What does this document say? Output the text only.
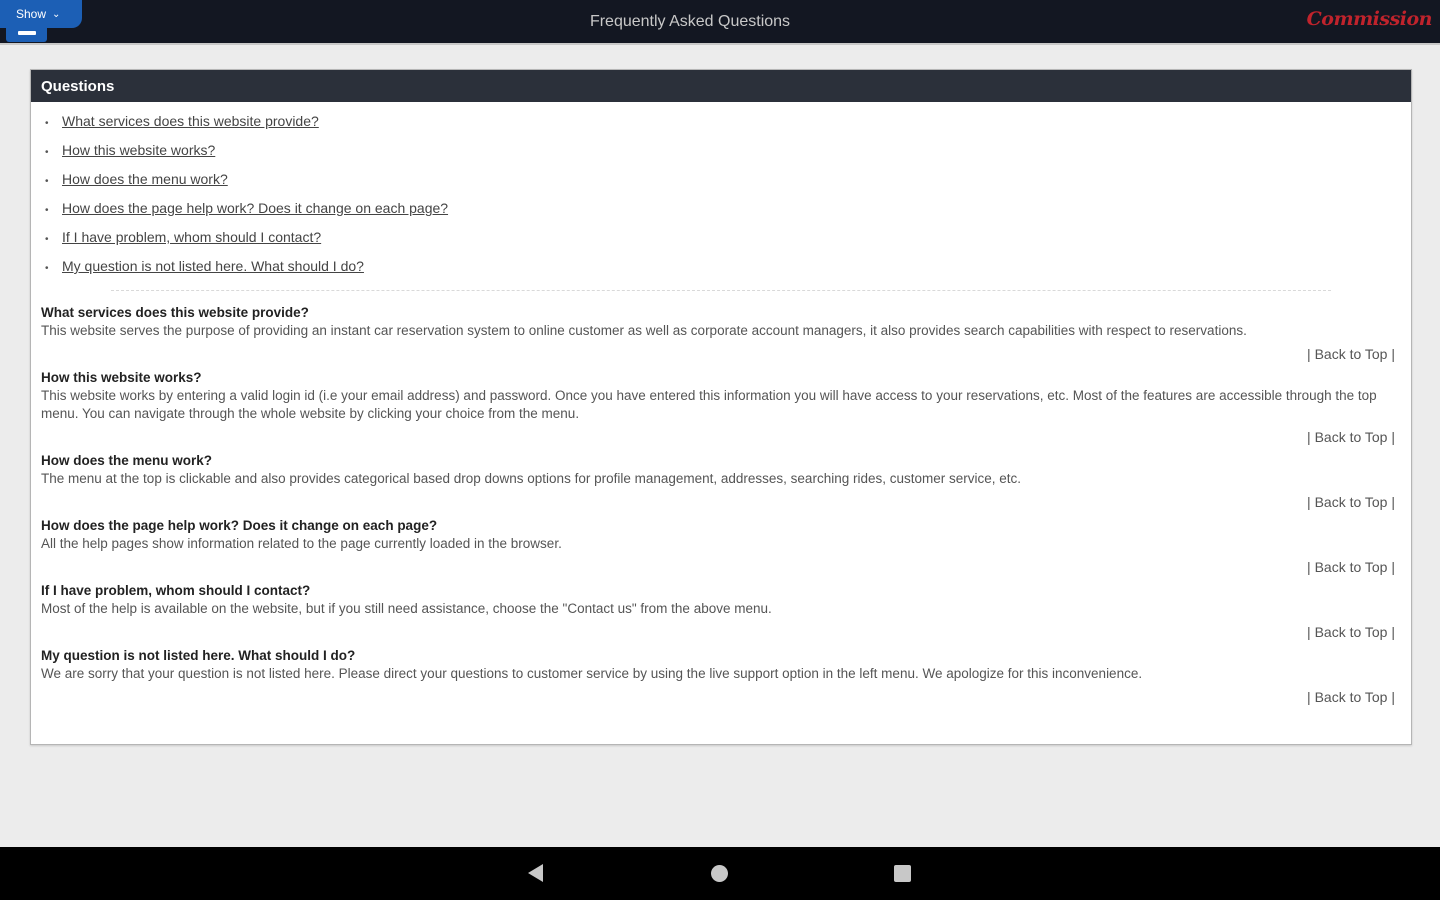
Frequently Asked Questions	Commission
Show ⌄
Questions
• What services does this website provide?
• How this website works?
• How does the menu work?
• How does the page help work? Does it change on each page?
• If I have problem, whom should I contact?
• My question is not listed here. What should I do?
What services does this website provide?
This website serves the purpose of providing an instant car reservation system to online customer as well as corporate account managers, it also provides search capabilities with respect to reservations.
| Back to Top |
How this website works?
This website works by entering a valid login id (i.e your email address) and password. Once you have entered this information you will have access to your reservations, etc. Most of the features are accessible through the top menu. You can navigate through the whole website by clicking your choice from the menu.
| Back to Top |
How does the menu work?
The menu at the top is clickable and also provides categorical based drop downs options for profile management, addresses, searching rides, customer service, etc.
| Back to Top |
How does the page help work? Does it change on each page?
All the help pages show information related to the page currently loaded in the browser.
| Back to Top |
If I have problem, whom should I contact?
Most of the help is available on the website, but if you still need assistance, choose the "Contact us" from the above menu.
| Back to Top |
My question is not listed here. What should I do?
We are sorry that your question is not listed here. Please direct your questions to customer service by using the live support option in the left menu. We apologize for this inconvenience.
| Back to Top |
